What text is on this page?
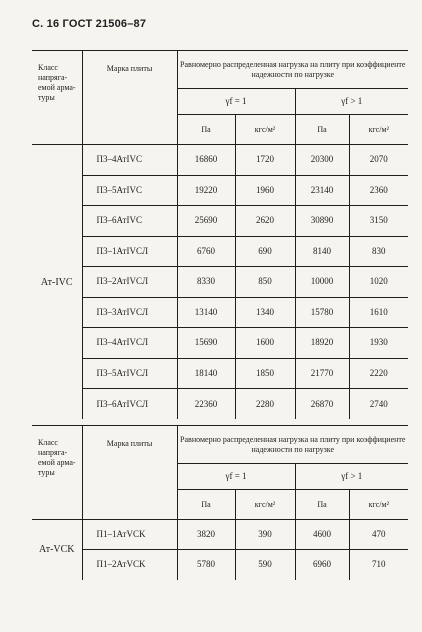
С. 16 ГОСТ 21506–87
Класс напряга-емой арма-туры	Марка плиты	Равномерно распределенная нагрузка на плиту при коэффициенте надежности по нагрузке			
		γf = 1		γf > 1	
		Па	кгс/м²	Па	кгс/м²
Ат-IVC	П3–4АтIVC	16860	1720	20300	2070
	П3–5АтIVC	19220	1960	23140	2360
	П3–6АтIVC	25690	2620	30890	3150
	П3–1АтIVCЛ	6760	690	8140	830
	П3–2АтIVCЛ	8330	850	10000	1020
	П3–3АтIVCЛ	13140	1340	15780	1610
	П3–4АтIVCЛ	15690	1600	18920	1930
	П3–5АтIVCЛ	18140	1850	21770	2220
	П3–6АтIVCЛ	22360	2280	26870	2740
Класс напряга-емой арма-туры	Марка плиты	Равномерно распределенная нагрузка на плиту при коэффициенте надежности по нагрузке			
		γf = 1		γf > 1	
		Па	кгс/м²	Па	кгс/м²
Ат-VCK	П1–1АтVCK	3820	390	4600	470
	П1–2АтVCK	5780	590	6960	710
